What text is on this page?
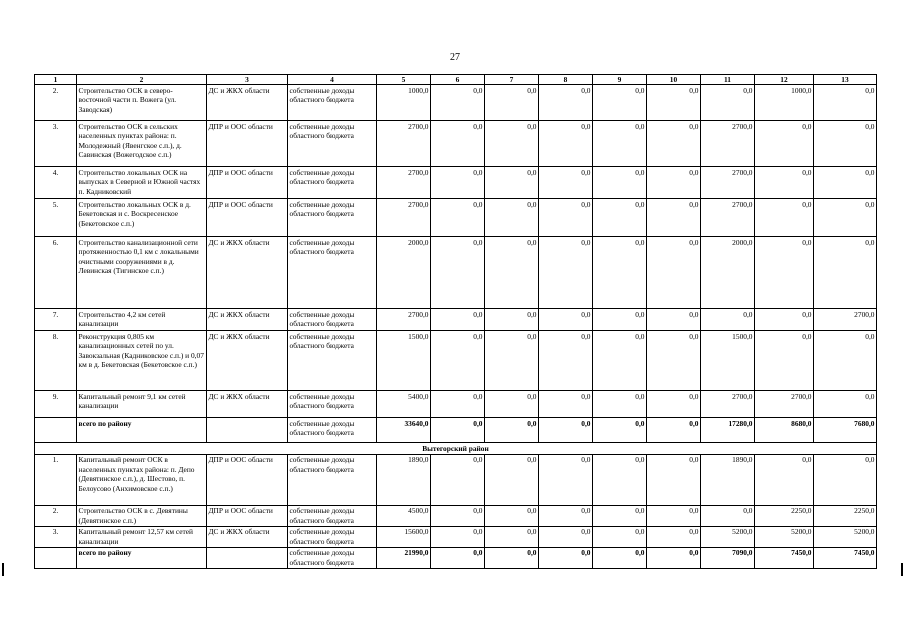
27
1	2	3	4	5	6	7	8	9	10	11	12	13
2.	Строительство ОСК в северо-восточной части п. Вожега (ул. Заводская)	ДС и ЖКХ области	собственные доходы областного бюджета	1000,0	0,0	0,0	0,0	0,0	0,0	0,0	1000,0	0,0
3.	Строительство ОСК в сельских населенных пунктах района: п. Молодежный (Явенгское с.п.), д. Савинская (Вожегодское с.п.)	ДПР и ООС области	собственные доходы областного бюджета	2700,0	0,0	0,0	0,0	0,0	0,0	2700,0	0,0	0,0
4.	Строительство локальных ОСК на выпусках в Северной и Южной частях п. Кадниковский	ДПР и ООС области	собственные доходы областного бюджета	2700,0	0,0	0,0	0,0	0,0	0,0	2700,0	0,0	0,0
5.	Строительство локальных ОСК в д. Бекетовская и с. Воскресенское (Бекетовское с.п.)	ДПР и ООС области	собственные доходы областного бюджета	2700,0	0,0	0,0	0,0	0,0	0,0	2700,0	0,0	0,0
6.	Строительство канализационной сети протяженностью 0,1 км с локальными очистными сооружениями в д. Левинская (Тигинское с.п.)	ДС и ЖКХ области	собственные доходы областного бюджета	2000,0	0,0	0,0	0,0	0,0	0,0	2000,0	0,0	0,0
7.	Строительство 4,2 км сетей канализации	ДС и ЖКХ области	собственные доходы областного бюджета	2700,0	0,0	0,0	0,0	0,0	0,0	0,0	0,0	2700,0
8.	Реконструкция 0,805 км канализационных сетей по ул. Завокзальная (Кадниковское с.п.) и 0,07 км в д. Бекетовская (Бекетовское с.п.)	ДС и ЖКХ области	собственные доходы областного бюджета	1500,0	0,0	0,0	0,0	0,0	0,0	1500,0	0,0	0,0
9.	Капитальный ремонт 9,1 км сетей канализации	ДС и ЖКХ области	собственные доходы областного бюджета	5400,0	0,0	0,0	0,0	0,0	0,0	2700,0	2700,0	0,0
	всего по району		собственные доходы областного бюджета	33640,0	0,0	0,0	0,0	0,0	0,0	17280,0	8680,0	7680,0
Вытегорский район												
1.	Капитальный ремонт ОСК в населенных пунктах района: п. Депо (Девятинское с.п.), д. Шестово, п. Белоусово (Анхимовское с.п.)	ДПР и ООС области	собственные доходы областного бюджета	1890,0	0,0	0,0	0,0	0,0	0,0	1890,0	0,0	0,0
2.	Строительство ОСК в с. Девятины (Девятинское с.п.)	ДПР и ООС области	собственные доходы областного бюджета	4500,0	0,0	0,0	0,0	0,0	0,0	0,0	2250,0	2250,0
3.	Капитальный ремонт 12,57 км сетей канализации	ДС и ЖКХ области	собственные доходы областного бюджета	15600,0	0,0	0,0	0,0	0,0	0,0	5200,0	5200,0	5200,0
	всего по району		собственные доходы областного бюджета	21990,0	0,0	0,0	0,0	0,0	0,0	7090,0	7450,0	7450,0
